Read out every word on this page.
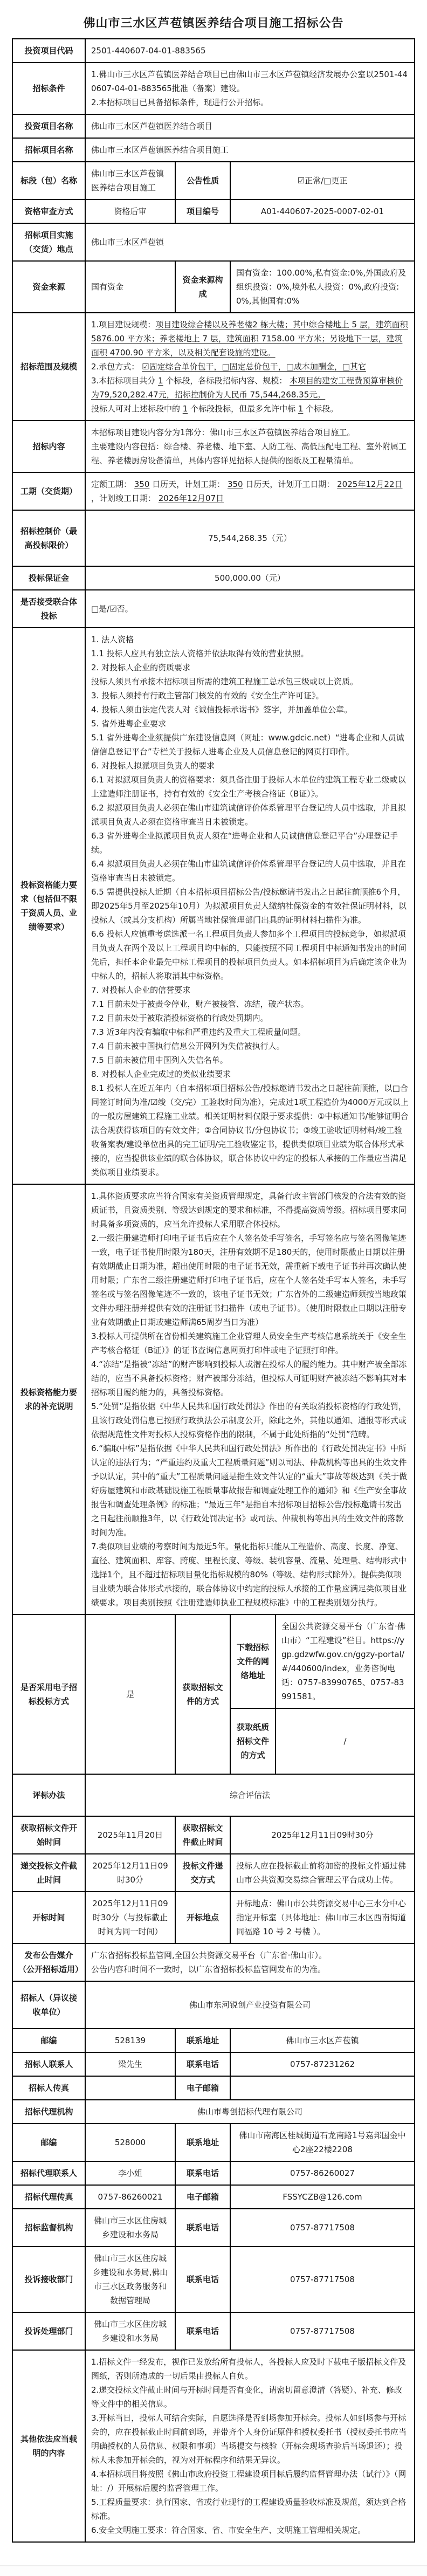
佛山市三水区芦苞镇医养结合项目施工招标公告
投资项目代码	2501-440607-04-01-883565			
招标条件	1.佛山市三水区芦苞镇医养结合项目已由佛山市三水区芦苞镇经济发展办公室以2501-440607-04-01-883565批准（备案）建设。
2.本招标项目已具备招标条件，现进行公开招标。			

投资项目名称	佛山市三水区芦苞镇医养结合项目			
招标项目名称	佛山市三水区芦苞镇医养结合项目施工			
标段（包）名称	佛山市三水区芦苞镇医养结合项目施工	公告性质	☑正常/□更正	
资格审查方式	资格后审	项目编号	A01-440607-2025-0007-02-01	
招标项目实施（交货）地点	佛山市三水区芦苞镇			
资金来源	国有资金	资金来源构成	国有资金：100.00%,私有资金:0%,外国政府及组织投资：0%,境外私人投资：0%,政府投资:0%,其他国有:0%	
招标范围及规模	1.项目建设规模：项目建设综合楼以及养老楼2 栋大楼；其中综合楼地上 5 层，建筑面积 5876.00 平方米；养老楼地上 7 层，建筑面积 7158.00 平方米；另设地下一层，建筑面积 4700.90 平方米，以及相关配套设施的建设。
2.承包方式： ☑固定综合单价包干，□固定总价包干，□成本加酬金，□其它
3.本招标项目共分 1 个标段，各标段招标内容、规模： 本项目的建安工程费预算审核价为79,520,282.47元，招标控制价为人民币 75,544,268.35元。
投标人可对上述标段中的 1 个标段投标，但最多允许中标 1 个标段。			

招标内容	本招标项目建设内容分为1部分：佛山市三水区芦苞镇医养结合项目施工。
主要建设内容包括：综合楼、养老楼、地下室、人防工程、高低压配电工程、室外附属工程、养老楼厨房设备清单，具体内容详见招标人提供的图纸及工程量清单。			

工期（交货期）	定额工期： 350 日历天，计划工期： 350 日历天，计划开工日期： 2025年12月22日 ，计划竣工日期： 2026年12月07日			

招标控制价（最高投标限价）	75,544,268.35（元）			
投标保证金	500,000.00（元）			
是否接受联合体投标	□是/☑否。			
投标资格能力要求（包括但不限于资质人员、业绩等要求）	
1. 法人资格
1.1 投标人应具有独立法人资格并依法取得有效的营业执照。
2. 对投标人企业的资质要求
投标人须具有承接本招标项目所需的建筑工程施工总承包三级或以上资质。
3. 投标人须持有行政主管部门核发的有效的《安全生产许可证》。
4. 投标人须由法定代表人对《诚信投标承诺书》签字，并加盖单位公章。
5. 省外进粤企业要求
5.1 省外进粤企业须提供广东建设信息网（网址：www.gdcic.net）“进粤企业和人员诚信信息登记平台”专栏关于投标人进粤企业及人员信息登记的网页打印件。
6. 对投标人拟派项目负责人的要求
6.1 对拟派项目负责人的资格要求：须具备注册于投标人本单位的建筑工程专业二级或以上建造师注册证书，持有有效的《安全生产考核合格证（B证）》。
6.2 拟派项目负责人必须在佛山市建筑诚信评价体系管理平台登记的人员中选取，并且拟派项目负责人必须在资格审查当日未被锁定。
6.3 省外进粤企业拟派项目负责人须在“进粤企业和人员诚信信息登记平台”办理登记手续。
6.4 拟派项目负责人必须在佛山市建筑诚信评价体系管理平台登记的人员中选取，并且在资格审查当日未被锁定。
6.5 需提供投标人近期（自本招标项目招标公告/投标邀请书发出之日起往前顺推6个月，即2025年5月至2025年10月）为拟派项目负责人缴纳社保资金的有效社保证明材料，以投标人（或其分支机构）所属当地社保管理部门出具的证明材料扫描件为准。
6.6 投标人应慎重考虑选派一名工程项目负责人参加多个工程项目的投标竞争，如拟派项目负责人在两个及以上工程项目均中标的，只能按照不同工程项目中标通知书发出的时间先后，担任本企业最先中标工程项目的投标项目负责人。如本招标项目为后确定该企业为中标人的，招标人将取消其中标资格。
7. 对投标人企业的信誉要求
7.1 目前未处于被责令停业，财产被接管、冻结，破产状态。
7.2 目前未处于被取消投标资格的行政处罚期内。
7.3 近3年内没有骗取中标和严重违约及重大工程质量问题。
7.4 目前未被中国执行信息公开网列为失信被执行人。
7.5 目前未被信用中国列入失信名单。
8. 对投标人企业完成过的类似业绩要求
8.1 投标人在近五年内（自本招标项目招标公告/投标邀请书发出之日起往前顺推，以□合同签订时间为准/☑竣（交/完）工验收时间为准），完成过1项工程造价为4000万元或以上的一般房屋建筑工程施工业绩。相关证明材料仅限于要求提供：①中标通知书/能够证明合法合规获得该项目的有效文件；②合同协议书/分包协议书；③竣工验收证明材料/竣工验收备案表/建设单位出具的完工证明/完工验收鉴定书，提供类似项目业绩为联合体形式承接的，应当提供该业绩的联合体协议，联合体协议中约定的投标人承接的工作量应当满足类似项目业绩要求。

投标资格能力要求的补充说明	
1.具体资质要求应当符合国家有关资质管理规定，具备行政主管部门核发的合法有效的资质证书，且资质类别、等级达到规定的要求和标准，不得提高资质等级。招标项目要求同时具备多项资质的，应当允许投标人采用联合体投标。
2.一级注册建造师打印电子证书后应在个人签名处手写签名，手写签名应与签名图像笔迹一致，电子证书使用时限为180天，注册有效期不足180天的，使用时限截止日期以注册有效期截止日期为准，超出使用时限的电子证书无效，需重新下载电子证书并再次确认使用时限；广东省二级注册建造师打印电子证书后，应在个人签名处手写本人签名，未手写签名或与签名图像笔迹不一致的，该电子证书无效；广东省外的二级建造师须按当地政策文件办理注册并提供有效的注册证书扫描件（或电子证书）。（使用时限截止日期以注册专业有效期截止日期或建造师满65周岁当日为准）
3.投标人可提供所在省份相关建筑施工企业管理人员安全生产考核信息系统关于《安全生产考核合格证（B证）》的证书查询信息网页打印件或电子证照打印件。
4.“冻结”是指被“冻结”的财产影响到投标人或潜在投标人的履约能力。其中财产被全部冻结的，应当不具备投标资格；财产被部分冻结，但投标人可证明财产被冻结不影响其对本招标项目履约能力的，具备投标资格。
5.“处罚”是指依据《中华人民共和国行政处罚法》作出的有关取消投标资格的行政处罚，且该行政处罚信息已按照行政执法公示制度公开，除此之外，其他以通知、通报等形式或依据规范性文件对投标人投标资格作出的限制，不属于此处所指的“处罚”范畴。
6.“骗取中标”是指依据《中华人民共和国行政处罚法》所作出的《行政处罚决定书》中所认定的违法行为；“严重违约及重大工程质量问题”则以司法、仲裁机构等出具的生效文件予以认定，其中的“重大”工程质量问题是指生效文件认定的“重大”事故等级达到《关于做好房屋建筑和市政基础设施工程质量事故报告和调查处理工作的通知》和《生产安全事故报告和调查处理条例》的标准；“最近三年”是指自本招标项目招标公告/投标邀请书发出之日起往前顺推3年，以《行政处罚决定书》或司法、仲裁机构等出具的生效文件的落款时间为准。
7.类似项目业绩的考察时间为最近5年。量化指标只能从工程造价、高度、长度、净宽、直径、建筑面积、库容、跨度、里程长度、等级、装机容量、流量、处理量、结构形式中选择1个，且不超过招标项目量化指标规模的80%（等级、结构形式除外）。提供类似项目业绩为联合体形式承接的，联合体协议中约定的投标人承接的工作量应满足类似项目业绩要求。项目类别按照《注册建造师执业工程规模标准》中的工程类别划分执行。

是否采用电子招标投标方式	是	获取招标文件的方式	下载招标文件的网络地址	全国公共资源交易平台（广东省·佛山市）“工程建设”栏目。https://ygp.gdzwfw.gov.cn/ggzy-portal/#/440600/index，业务咨询电话：0757-83990765、0757-83991581。
			获取纸质招标文件的方式	/
评标办法	综合评估法			
获取招标文件开始时间	2025年11月20日	获取招标文件截止时间	2025年12月11日09时30分	
递交投标文件截止时间	2025年12月11日09时30分	投标文件递交方式	投标人应在投标截止前将加密的投标文件通过佛山市公共资源交易综合管理云平台成功上传。	
开标时间	2025年12月11日09时30分（与投标截止时间为同一时间）	开标地点	开标地点：佛山市公共资源交易中心三水分中心指定开标室（具体地址：佛山市三水区西南街道同福路 10 号 2 号楼 ）。	
发布公告媒介（公开招标适用）	广东省招标投标监管网,全国公共资源交易平台（广东省·佛山市）。
公告内容和时间不一致时，以广东省招标投标监管网发布的为准。			

招标人（异议接收单位）	佛山市东河锐创产业投资有限公司			
邮编	528139	联系地址	佛山市三水区芦苞镇	
招标人联系人	梁先生	联系电话	0757-87231262	
招标人传真		电子邮箱		
招标代理机构	佛山市粤创招标代理有限公司			
邮编	528000	联系地址	佛山市南海区桂城街道石龙南路1号嘉邦国金中心2座22楼2208	
招标代理联系人	李小姐	联系电话	0757-86260027	
招标代理传真	0757-86260021	电子邮箱	FSSYCZB@126.com	
招标监督机构	佛山市三水区住房城乡建设和水务局	联系电话	0757-87717508	
投诉接收部门	佛山市三水区住房城乡建设和水务局,佛山市三水区政务服务和数据管理局	联系电话	0757-87717508	
投诉处理部门	佛山市三水区住房城乡建设和水务局	联系电话	0757-87717508	
其他依法应当载明的内容	
1.招标文件一经发布，视作已发放给所有投标人，各投标人应及时下载电子版招标文件及图纸，否则所造成的一切后果由投标人自负。
2.递交投标文件截止时间与开标时间是否有变化，请密切留意澄清（答疑）、补充、修改等文件中的相关信息。
3.开标当日，投标人可结合实际，自愿选择是否到场参加开标会。投标人如到场参与开标会的，应在投标截止时间前到场，并带齐个人身份证原件和授权委托书（授权委托书应当明确授权的人员信息、权限和事项）当场提交与核验（开标会现场查验后当场退还）；投标人未参加开标会的，视为对开标程序和结果无异议。
4.本招标项目将按照《佛山市政府投资工程建设项目标后履约监督管理办法（试行）》（网址：/）开展标后履约监督管理工作。
5.工程质量要求：执行国家、省或行业现行的工程建设质量验收标准及规范，须达到合格标准。
6.安全文明施工要求：符合国家、省、市安全生产、文明施工管理相关规定。
